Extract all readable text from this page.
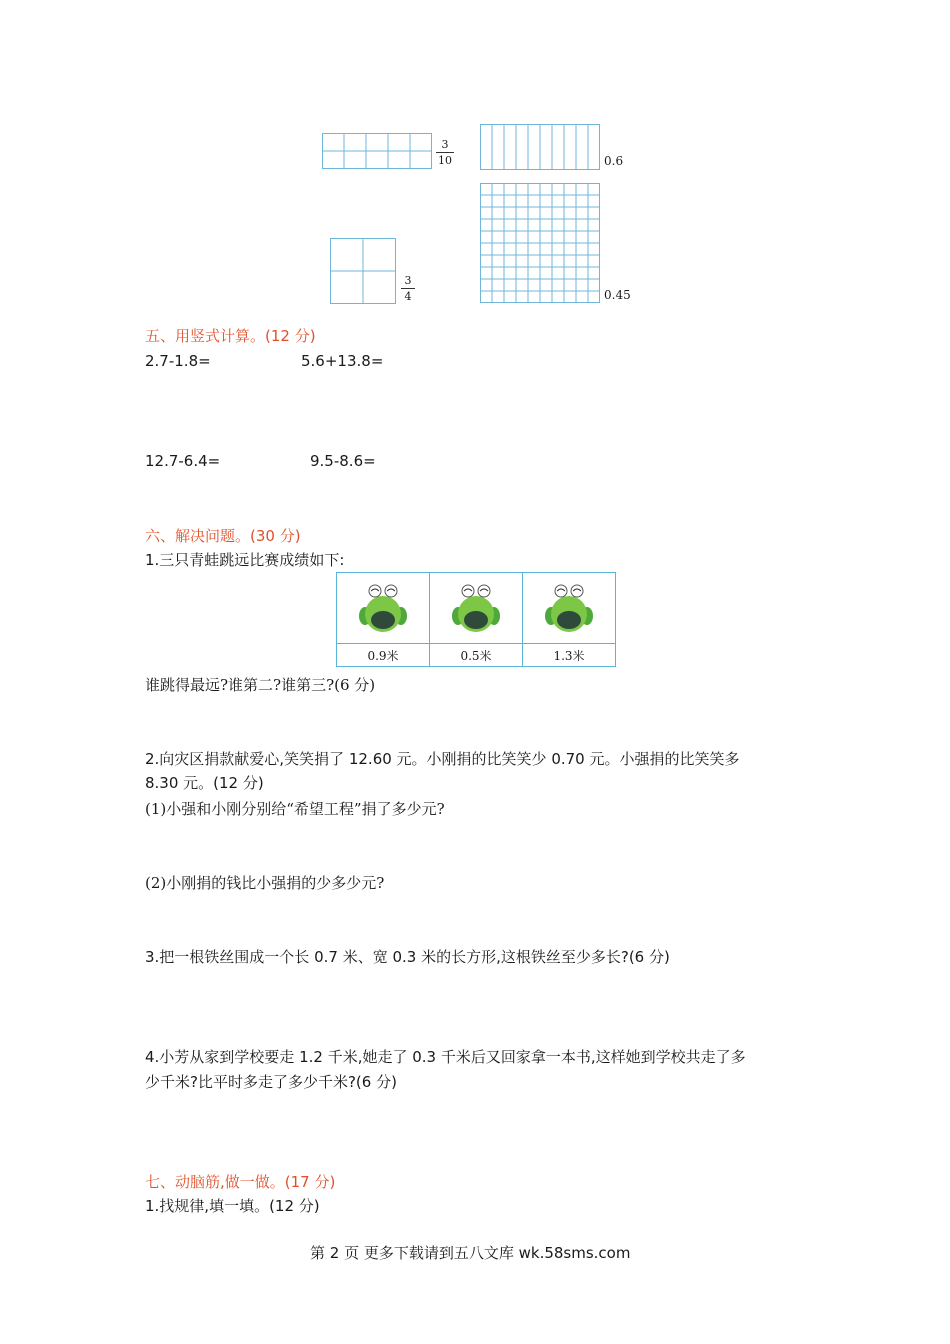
3
10	0.6
3
4	0.45
五、用竖式计算。(12 分)
2.7-1.8=	5.6+13.8=
12.7-6.4=	9.5-8.6=
六、解决问题。(30 分)
1.三只青蛙跳远比赛成绩如下:

0.9米	0.5米	1.3米
谁跳得最远?谁第二?谁第三?(6 分)
2.向灾区捐款献爱心,笑笑捐了 12.60 元。小刚捐的比笑笑少 0.70 元。小强捐的比笑笑多
8.30 元。(12 分)
(1)小强和小刚分别给“希望工程”捐了多少元?
(2)小刚捐的钱比小强捐的少多少元?
3.把一根铁丝围成一个长 0.7 米、宽 0.3 米的长方形,这根铁丝至少多长?(6 分)
4.小芳从家到学校要走 1.2 千米,她走了 0.3 千米后又回家拿一本书,这样她到学校共走了多
少千米?比平时多走了多少千米?(6 分)
七、动脑筋,做一做。(17 分)
1.找规律,填一填。(12 分)
第 2 页 更多下载请到五八文库 wk.58sms.com
